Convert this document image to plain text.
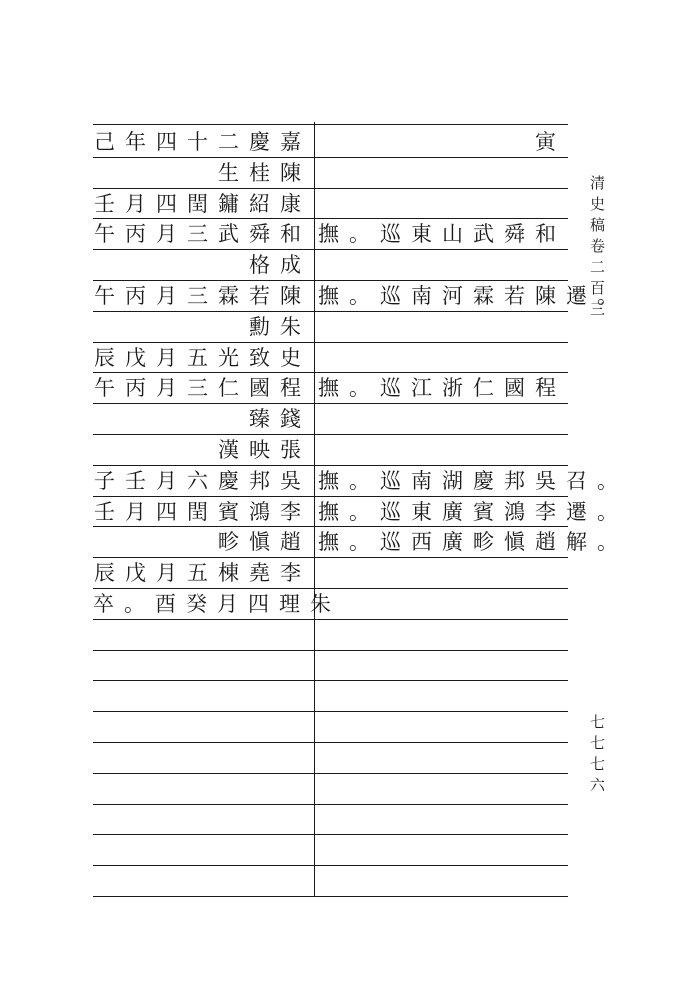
己年四十二慶嘉	寅
生桂陳
壬月四閏鏞紹康
午丙月三武舜和 撫。巡東山武舜和
格成
午丙月三霖若陳 撫。巡南河霖若陳遷。
勳朱
辰戊月五光致史
午丙月三仁國程 撫。巡江浙仁國程
臻錢
漢映張
子壬月六慶邦吳 撫。巡南湖慶邦吳召。
壬月四閏賓鴻李 撫。巡東廣賓鴻李遷。
畛愼趙 撫。巡西廣畛愼趙解。
辰戊月五棟堯李
卒。酉癸月四理朱
清史稿卷二百三
七七七六
